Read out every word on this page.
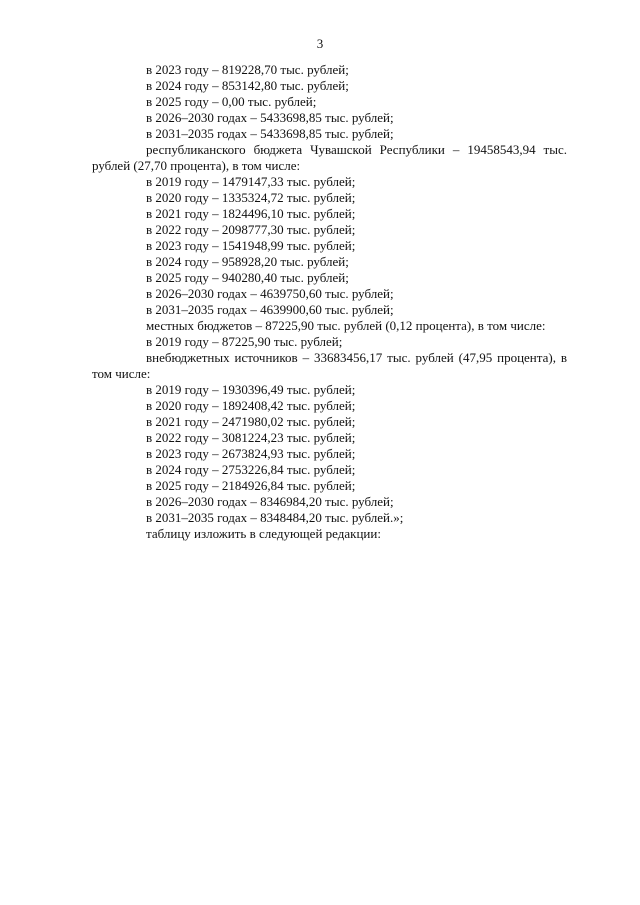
3

в 2023 году – 819228,70 тыс. рублей;

в 2024 году – 853142,80 тыс. рублей;

в 2025 году – 0,00 тыс. рублей;

в 2026–2030 годах – 5433698,85 тыс. рублей;

в 2031–2035 годах – 5433698,85 тыс. рублей;

республиканского бюджета Чувашской Республики – 19458543,94 тыс. рублей (27,70 процента), в том числе:

в 2019 году – 1479147,33 тыс. рублей;

в 2020 году – 1335324,72 тыс. рублей;

в 2021 году – 1824496,10 тыс. рублей;

в 2022 году – 2098777,30 тыс. рублей;

в 2023 году – 1541948,99 тыс. рублей;

в 2024 году – 958928,20 тыс. рублей;

в 2025 году – 940280,40 тыс. рублей;

в 2026–2030 годах – 4639750,60 тыс. рублей;

в 2031–2035 годах – 4639900,60 тыс. рублей;

местных бюджетов – 87225,90 тыс. рублей (0,12 процента), в том числе:

в 2019 году – 87225,90 тыс. рублей;

внебюджетных источников – 33683456,17 тыс. рублей (47,95 процента), в том числе:

в 2019 году – 1930396,49 тыс. рублей;

в 2020 году – 1892408,42 тыс. рублей;

в 2021 году – 2471980,02 тыс. рублей;

в 2022 году – 3081224,23 тыс. рублей;

в 2023 году – 2673824,93 тыс. рублей;

в 2024 году – 2753226,84 тыс. рублей;

в 2025 году – 2184926,84 тыс. рублей;

в 2026–2030 годах – 8346984,20 тыс. рублей;

в 2031–2035 годах – 8348484,20 тыс. рублей.»;

таблицу изложить в следующей редакции:
